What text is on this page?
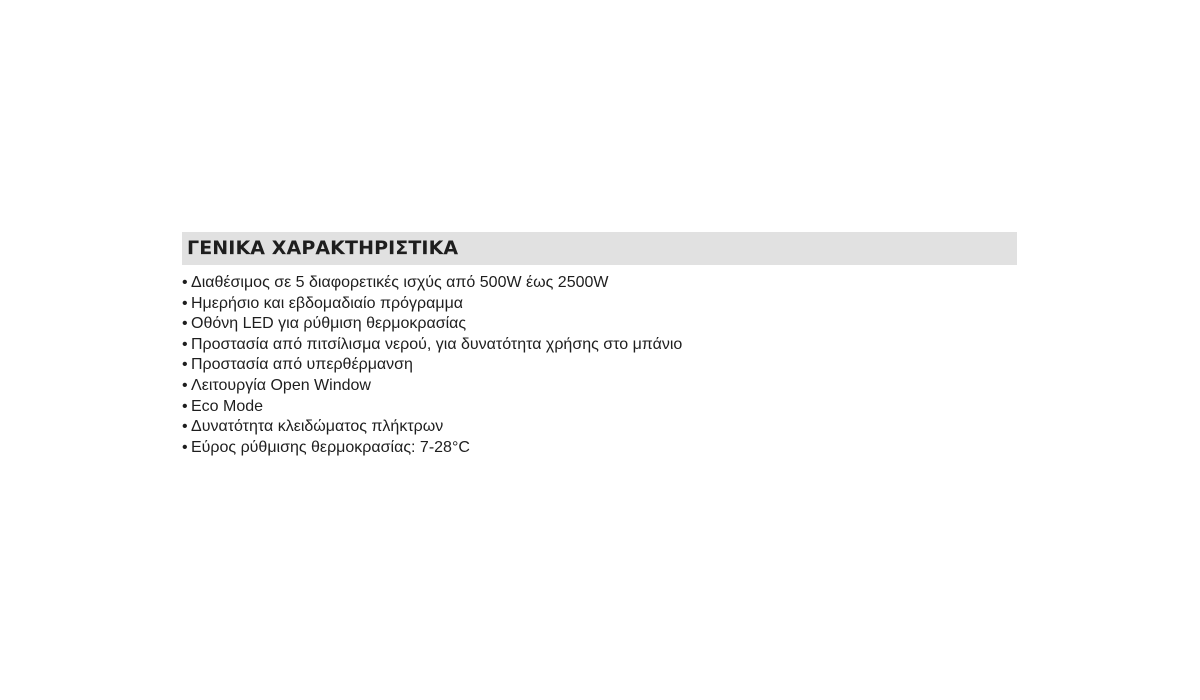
ΓΕΝΙΚΑ ΧΑΡΑΚΤΗΡΙΣΤΙΚΑ
• Διαθέσιμος σε 5 διαφορετικές ισχύς από 500W έως 2500W
• Ημερήσιο και εβδομαδιαίο πρόγραμμα
• Οθόνη LED για ρύθμιση θερμοκρασίας
• Προστασία από πιτσίλισμα νερού, για δυνατότητα χρήσης στο μπάνιο
• Προστασία από υπερθέρμανση
• Λειτουργία Open Window
• Eco Mode
• Δυνατότητα κλειδώματος πλήκτρων
• Εύρος ρύθμισης θερμοκρασίας: 7-28°C
